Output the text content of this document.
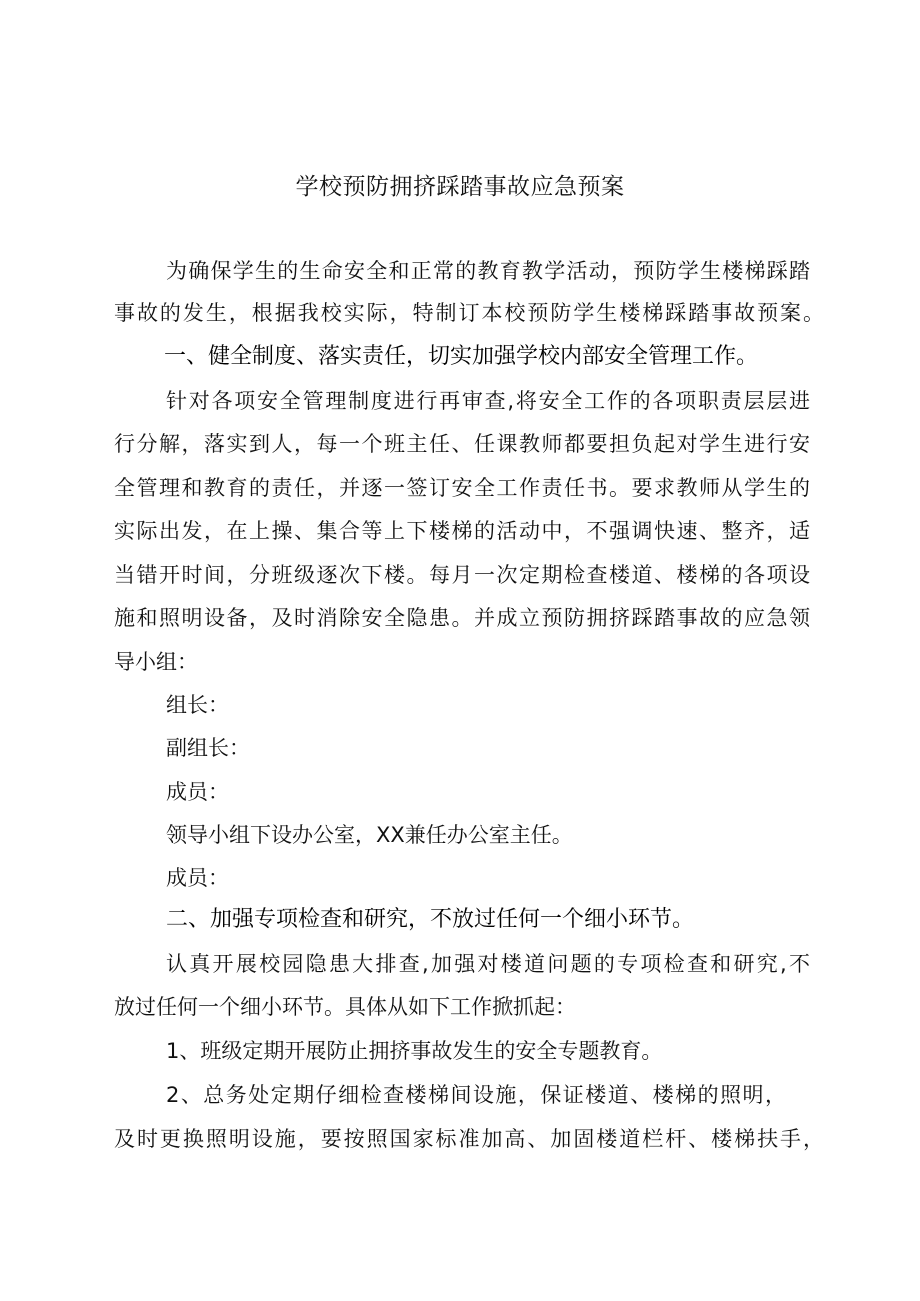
学校预防拥挤踩踏事故应急预案
为确保学生的生命安全和正常的教育教学活动，预防学生楼梯踩踏
事故的发生，根据我校实际，特制订本校预防学生楼梯踩踏事故预案。
一、健全制度、落实责任，切实加强学校内部安全管理工作。
针对各项安全管理制度进行再审查,将安全工作的各项职责层层进
行分解，落实到人，每一个班主任、任课教师都要担负起对学生进行安
全管理和教育的责任，并逐一签订安全工作责任书。要求教师从学生的
实际出发，在上操、集合等上下楼梯的活动中，不强调快速、整齐，适
当错开时间，分班级逐次下楼。每月一次定期检查楼道、楼梯的各项设
施和照明设备，及时消除安全隐患。并成立预防拥挤踩踏事故的应急领
导小组：
组长：
副组长：
成员：
领导小组下设办公室，XX兼任办公室主任。
成员：
二、加强专项检查和研究，不放过任何一个细小环节。
认真开展校园隐患大排查,加强对楼道问题的专项检查和研究,不
放过任何一个细小环节。具体从如下工作掀抓起：
1、班级定期开展防止拥挤事故发生的安全专题教育。
2、总务处定期仔细检查楼梯间设施，保证楼道、楼梯的照明，
及时更换照明设施，要按照国家标准加高、加固楼道栏杆、楼梯扶手，
